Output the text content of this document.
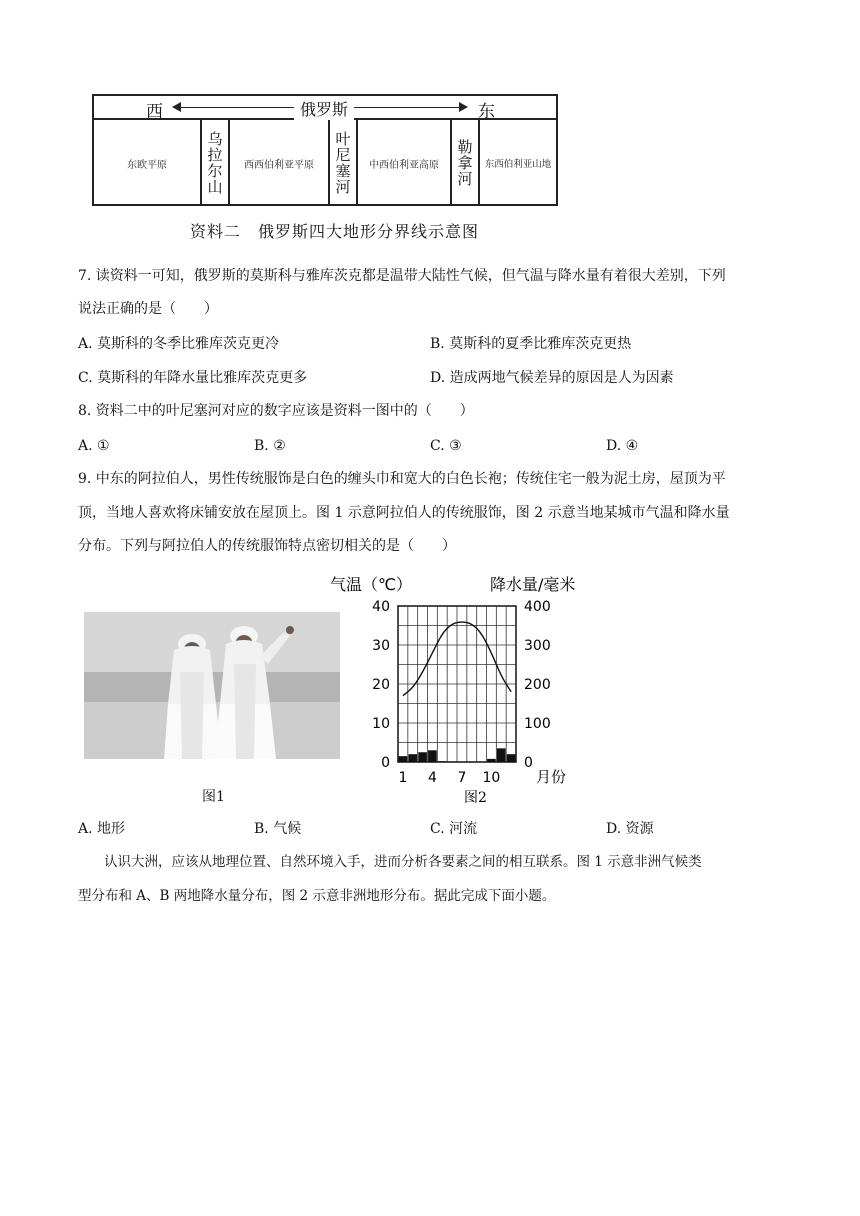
西	俄罗斯	东
东欧平原	乌拉尔山	西西伯利亚平原	叶尼塞河	中西伯利亚高原	勒拿河	东西伯利亚山地
资料二　俄罗斯四大地形分界线示意图
7. 读资料一可知，俄罗斯的莫斯科与雅库茨克都是温带大陆性气候，但气温与降水量有着很大差别，下列
说法正确的是（　　）
A. 莫斯科的冬季比雅库茨克更冷	B. 莫斯科的夏季比雅库茨克更热
C. 莫斯科的年降水量比雅库茨克更多	D. 造成两地气候差异的原因是人为因素
8. 资料二中的叶尼塞河对应的数字应该是资料一图中的（　　）
A. ①	B. ②	C. ③	D. ④
9. 中东的阿拉伯人，男性传统服饰是白色的缠头巾和宽大的白色长袍；传统住宅一般为泥土房，屋顶为平
顶，当地人喜欢将床铺安放在屋顶上。图 1 示意阿拉伯人的传统服饰，图 2 示意当地某城市气温和降水量
分布。下列与阿拉伯人的传统服饰特点密切相关的是（　　）
图1
0
10
20
30
40
0
100
200
300
400
1 4 7 10
气温（℃）	降水量/毫米
月份
图2
A. 地形	B. 气候	C. 河流	D. 资源
认识大洲，应该从地理位置、自然环境入手，进而分析各要素之间的相互联系。图 1 示意非洲气候类
型分布和 A、B 两地降水量分布，图 2 示意非洲地形分布。据此完成下面小题。
